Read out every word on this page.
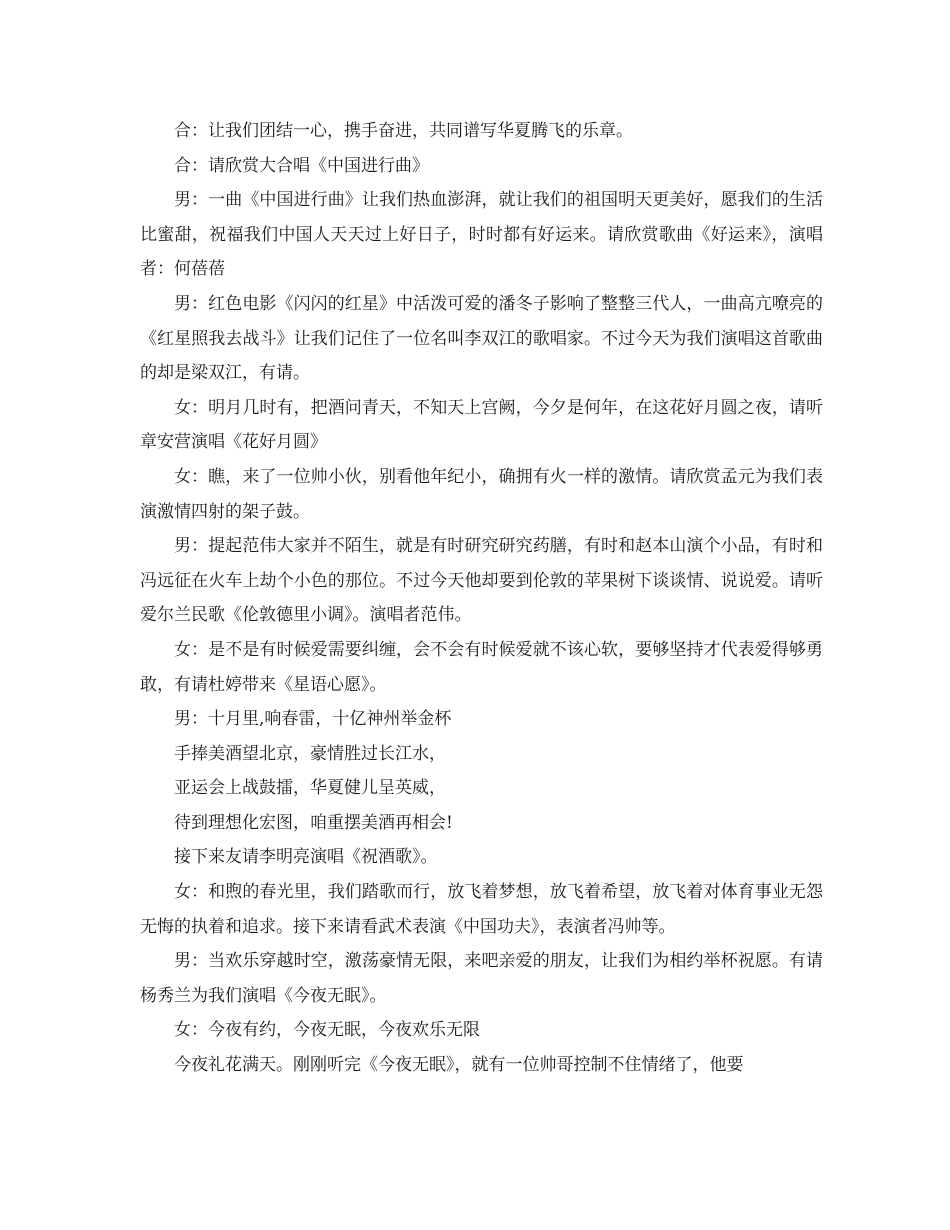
合：让我们团结一心，携手奋进，共同谱写华夏腾飞的乐章。

合：请欣赏大合唱《中国进行曲》

男：一曲《中国进行曲》让我们热血澎湃，就让我们的祖国明天更美好，愿我们的生活比蜜甜，祝福我们中国人天天过上好日子，时时都有好运来。请欣赏歌曲《好运来》，演唱者：何蓓蓓

男：红色电影《闪闪的红星》中活泼可爱的潘冬子影响了整整三代人，一曲高亢嘹亮的《红星照我去战斗》让我们记住了一位名叫李双江的歌唱家。不过今天为我们演唱这首歌曲的却是梁双江，有请。

女：明月几时有，把酒问青天，不知天上宫阙，今夕是何年，在这花好月圆之夜，请听章安营演唱《花好月圆》

女：瞧，来了一位帅小伙，别看他年纪小，确拥有火一样的激情。请欣赏孟元为我们表演激情四射的架子鼓。

男：提起范伟大家并不陌生，就是有时研究研究药膳，有时和赵本山演个小品，有时和冯远征在火车上劫个小色的那位。不过今天他却要到伦敦的苹果树下谈谈情、说说爱。请听爱尔兰民歌《伦敦德里小调》。演唱者范伟。

女：是不是有时候爱需要纠缠，会不会有时候爱就不该心软，要够坚持才代表爱得够勇敢，有请杜婷带来《星语心愿》。

男：十月里,响春雷，十亿神州举金杯

手捧美酒望北京，豪情胜过长江水，

亚运会上战鼓擂，华夏健儿呈英威，

待到理想化宏图，咱重摆美酒再相会!

接下来友请李明亮演唱《祝酒歌》。

女：和煦的春光里，我们踏歌而行，放飞着梦想，放飞着希望，放飞着对体育事业无怨无悔的执着和追求。接下来请看武术表演《中国功夫》，表演者冯帅等。

男：当欢乐穿越时空，激荡豪情无限，来吧亲爱的朋友，让我们为相约举杯祝愿。有请杨秀兰为我们演唱《今夜无眠》。

女：今夜有约，今夜无眠，今夜欢乐无限

今夜礼花满天。刚刚听完《今夜无眠》，就有一位帅哥控制不住情绪了，他要
